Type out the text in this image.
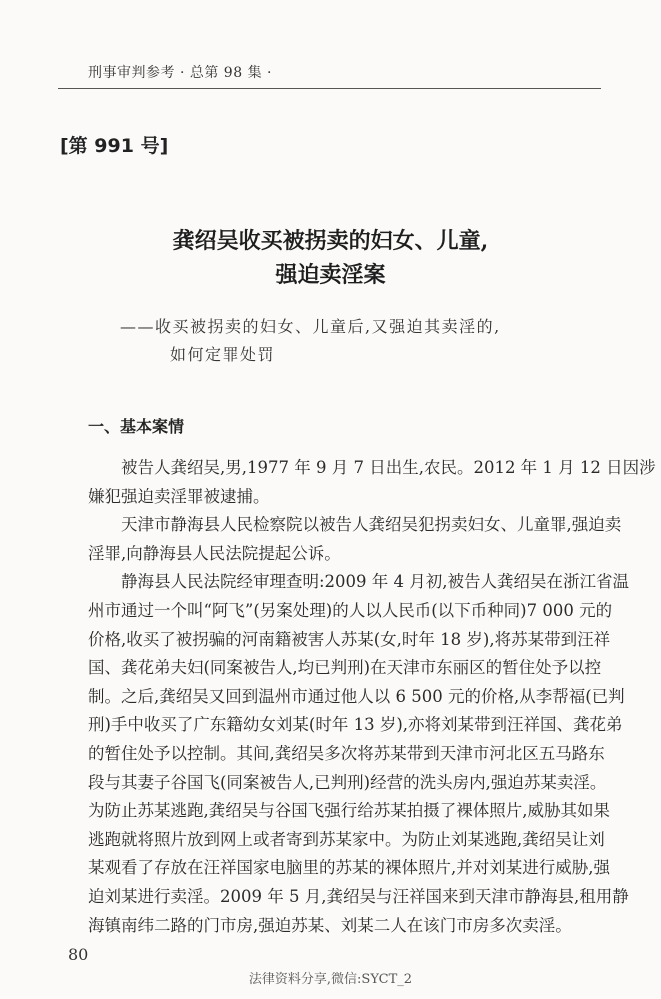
刑事审判参考 · 总第 98 集 ·
[第 991 号]
龚绍吴收买被拐卖的妇女、儿童,
强迫卖淫案
——收买被拐卖的妇女、儿童后,又强迫其卖淫的,
如何定罪处罚
一、基本案情
被告人龚绍吴,男,1977 年 9 月 7 日出生,农民。2012 年 1 月 12 日因涉
嫌犯强迫卖淫罪被逮捕。
天津市静海县人民检察院以被告人龚绍吴犯拐卖妇女、儿童罪,强迫卖
淫罪,向静海县人民法院提起公诉。
静海县人民法院经审理查明:2009 年 4 月初,被告人龚绍吴在浙江省温
州市通过一个叫“阿飞”(另案处理)的人以人民币(以下币种同)7 000 元的
价格,收买了被拐骗的河南籍被害人苏某(女,时年 18 岁),将苏某带到汪祥
国、龚花弟夫妇(同案被告人,均已判刑)在天津市东丽区的暂住处予以控
制。之后,龚绍吴又回到温州市通过他人以 6 500 元的价格,从李帮福(已判
刑)手中收买了广东籍幼女刘某(时年 13 岁),亦将刘某带到汪祥国、龚花弟
的暂住处予以控制。其间,龚绍吴多次将苏某带到天津市河北区五马路东
段与其妻子谷国飞(同案被告人,已判刑)经营的洗头房内,强迫苏某卖淫。
为防止苏某逃跑,龚绍吴与谷国飞强行给苏某拍摄了裸体照片,威胁其如果
逃跑就将照片放到网上或者寄到苏某家中。为防止刘某逃跑,龚绍吴让刘
某观看了存放在汪祥国家电脑里的苏某的裸体照片,并对刘某进行威胁,强
迫刘某进行卖淫。2009 年 5 月,龚绍吴与汪祥国来到天津市静海县,租用静
海镇南纬二路的门市房,强迫苏某、刘某二人在该门市房多次卖淫。
80
法律资料分享,微信:SYCT_2
